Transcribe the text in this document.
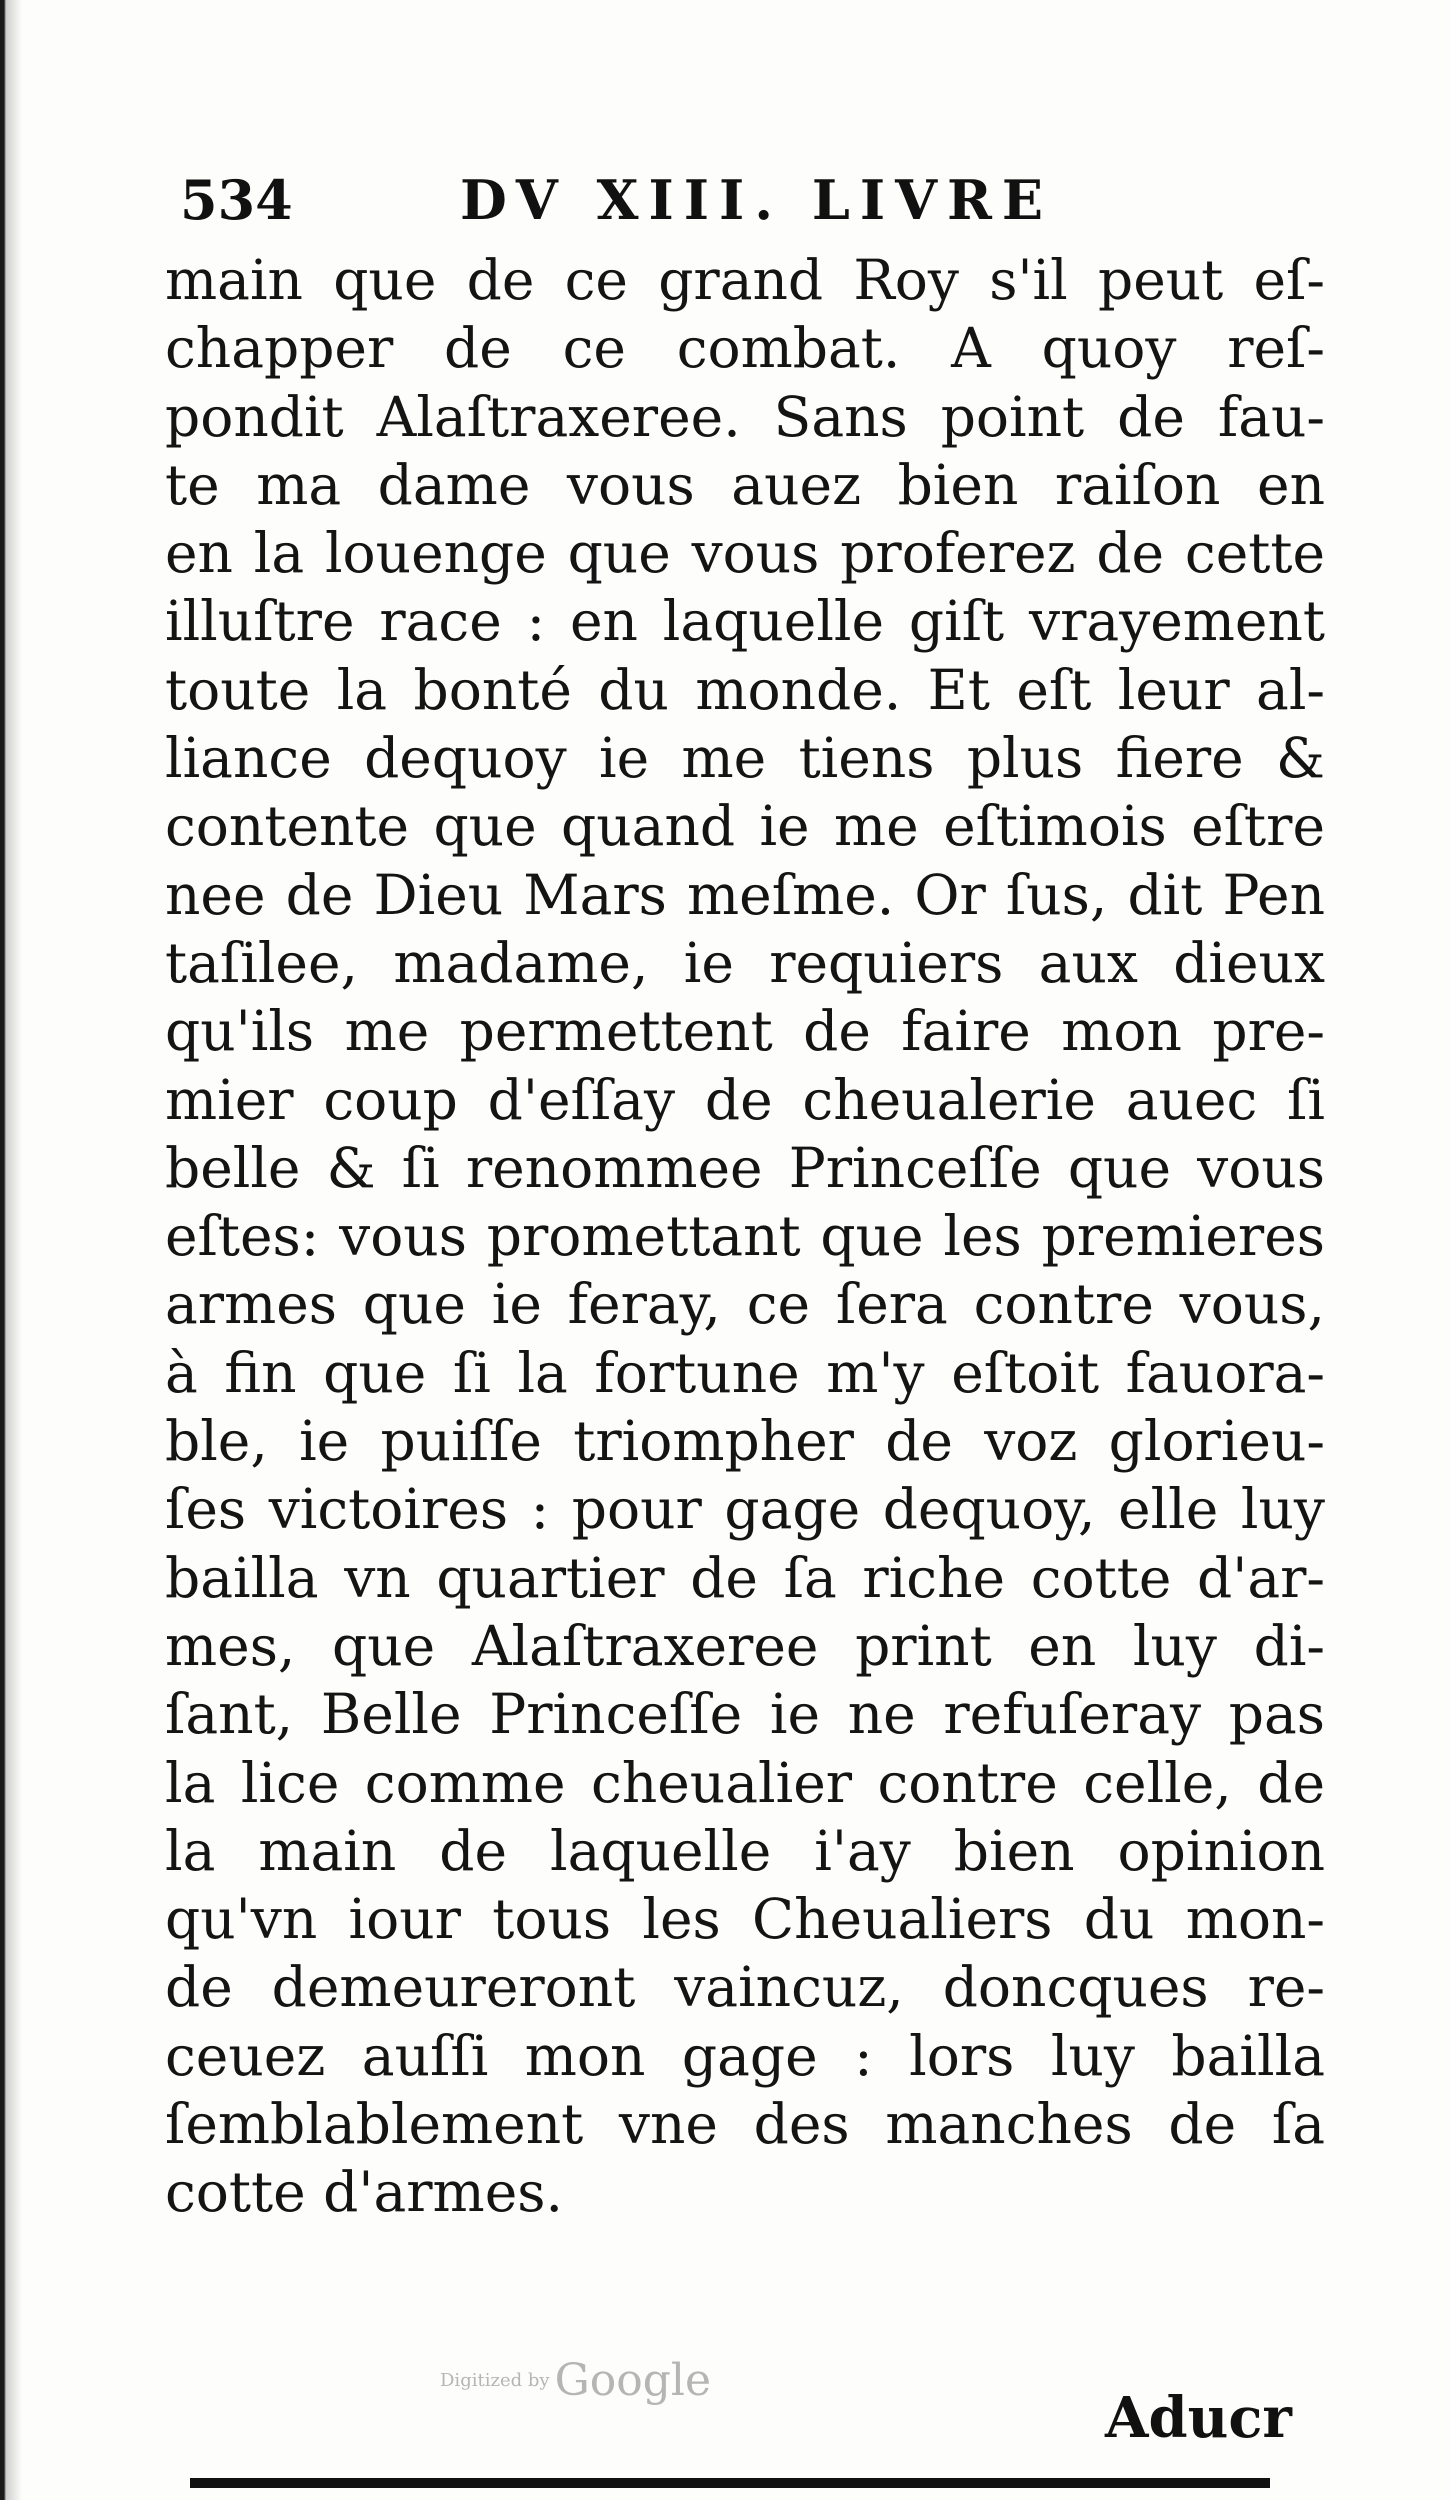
534	DV XIII. LIVRE
main que de ce grand Roy s'il peut eſ-
chapper de ce combat. A quoy reſ-
pondit Alaſtraxeree. Sans point de fau-
te ma dame vous auez bien raiſon en
en la louenge que vous proferez de cette
illuſtre race : en laquelle giſt vrayement
toute la bonté du monde. Et eſt leur al-
liance dequoy ie me tiens plus fiere &
contente que quand ie me eſtimois eſtre
nee de Dieu Mars meſme. Or ſus, dit Pen
taſilee, madame, ie requiers aux dieux
qu'ils me permettent de faire mon pre-
mier coup d'eſſay de cheualerie auec ſi
belle & ſi renommee Princeſſe que vous
eſtes: vous promettant que les premieres
armes que ie feray, ce ſera contre vous,
à fin que ſi la fortune m'y eſtoit fauora-
ble, ie puiſſe triompher de voz glorieu-
ſes victoires : pour gage dequoy, elle luy
bailla vn quartier de ſa riche cotte d'ar-
mes, que Alaſtraxeree print en luy di-
ſant, Belle Princeſſe ie ne refuſeray pas
la lice comme cheualier contre celle, de
la main de laquelle i'ay bien opinion
qu'vn iour tous les Cheualiers du mon-
de demeureront vaincuz, doncques re-
ceuez auſſi mon gage : lors luy bailla
ſemblablement vne des manches de ſa
cotte d'armes.
Digitized by Google
Aducr
